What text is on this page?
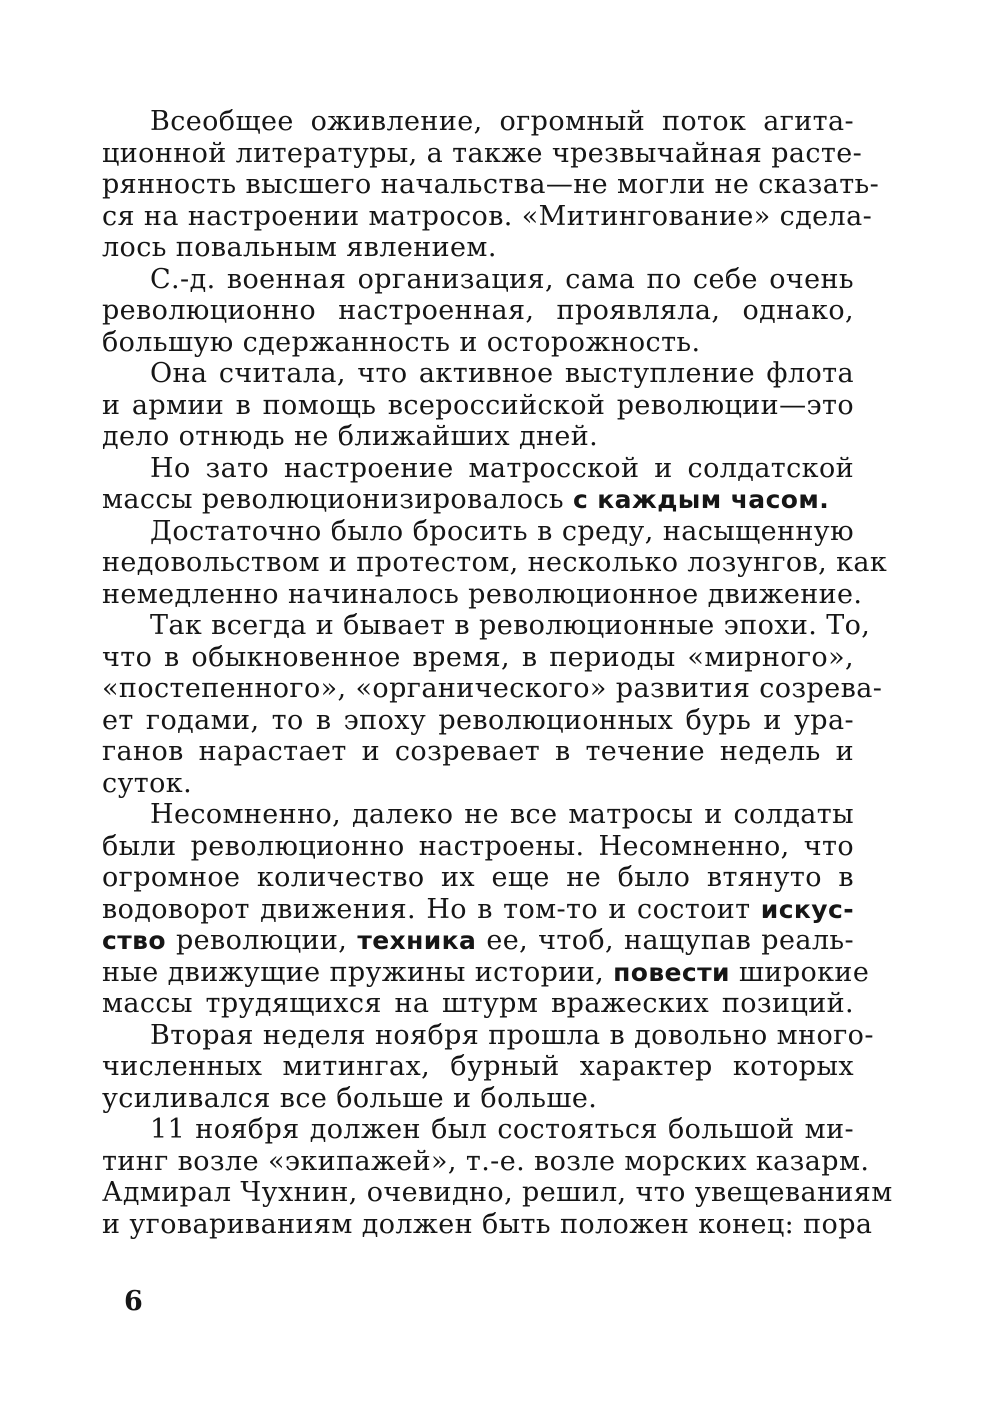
Всеобщее оживление, огромный поток агита-
ционной литературы, а также чрезвычайная расте-
рянность высшего начальства—не могли не сказать-
ся на настроении матросов. «Митингование» сдела-
лось повальным явлением.
С.-д. военная организация, сама по себе очень
революционно настроенная, проявляла, однако,
большую сдержанность и осторожность.
Она считала, что активное выступление флота
и армии в помощь всероссийской революции—это
дело отнюдь не ближайших дней.
Но зато настроение матросской и солдатской
массы революционизировалось с каждым часом.
Достаточно было бросить в среду, насыщенную
недовольством и протестом, несколько лозунгов, как
немедленно начиналось революционное движение.
Так всегда и бывает в революционные эпохи. То,
что в обыкновенное время, в периоды «мирного»,
«постепенного», «органического» развития созрева-
ет годами, то в эпоху революционных бурь и ура-
ганов нарастает и созревает в течение недель и
суток.
Несомненно, далеко не все матросы и солдаты
были революционно настроены. Несомненно, что
огромное количество их еще не было втянуто в
водоворот движения. Но в том-то и состоит искус-
ство революции, техника ее, чтоб, нащупав реаль-
ные движущие пружины истории, повести широкие
массы трудящихся на штурм вражеских позиций.
Вторая неделя ноября прошла в довольно много-
численных митингах, бурный характер которых
усиливался все больше и больше.
11 ноября должен был состояться большой ми-
тинг возле «экипажей», т.-е. возле морских казарм.
Адмирал Чухнин, очевидно, решил, что увещеваниям
и уговариваниям должен быть положен конец: пора
6
